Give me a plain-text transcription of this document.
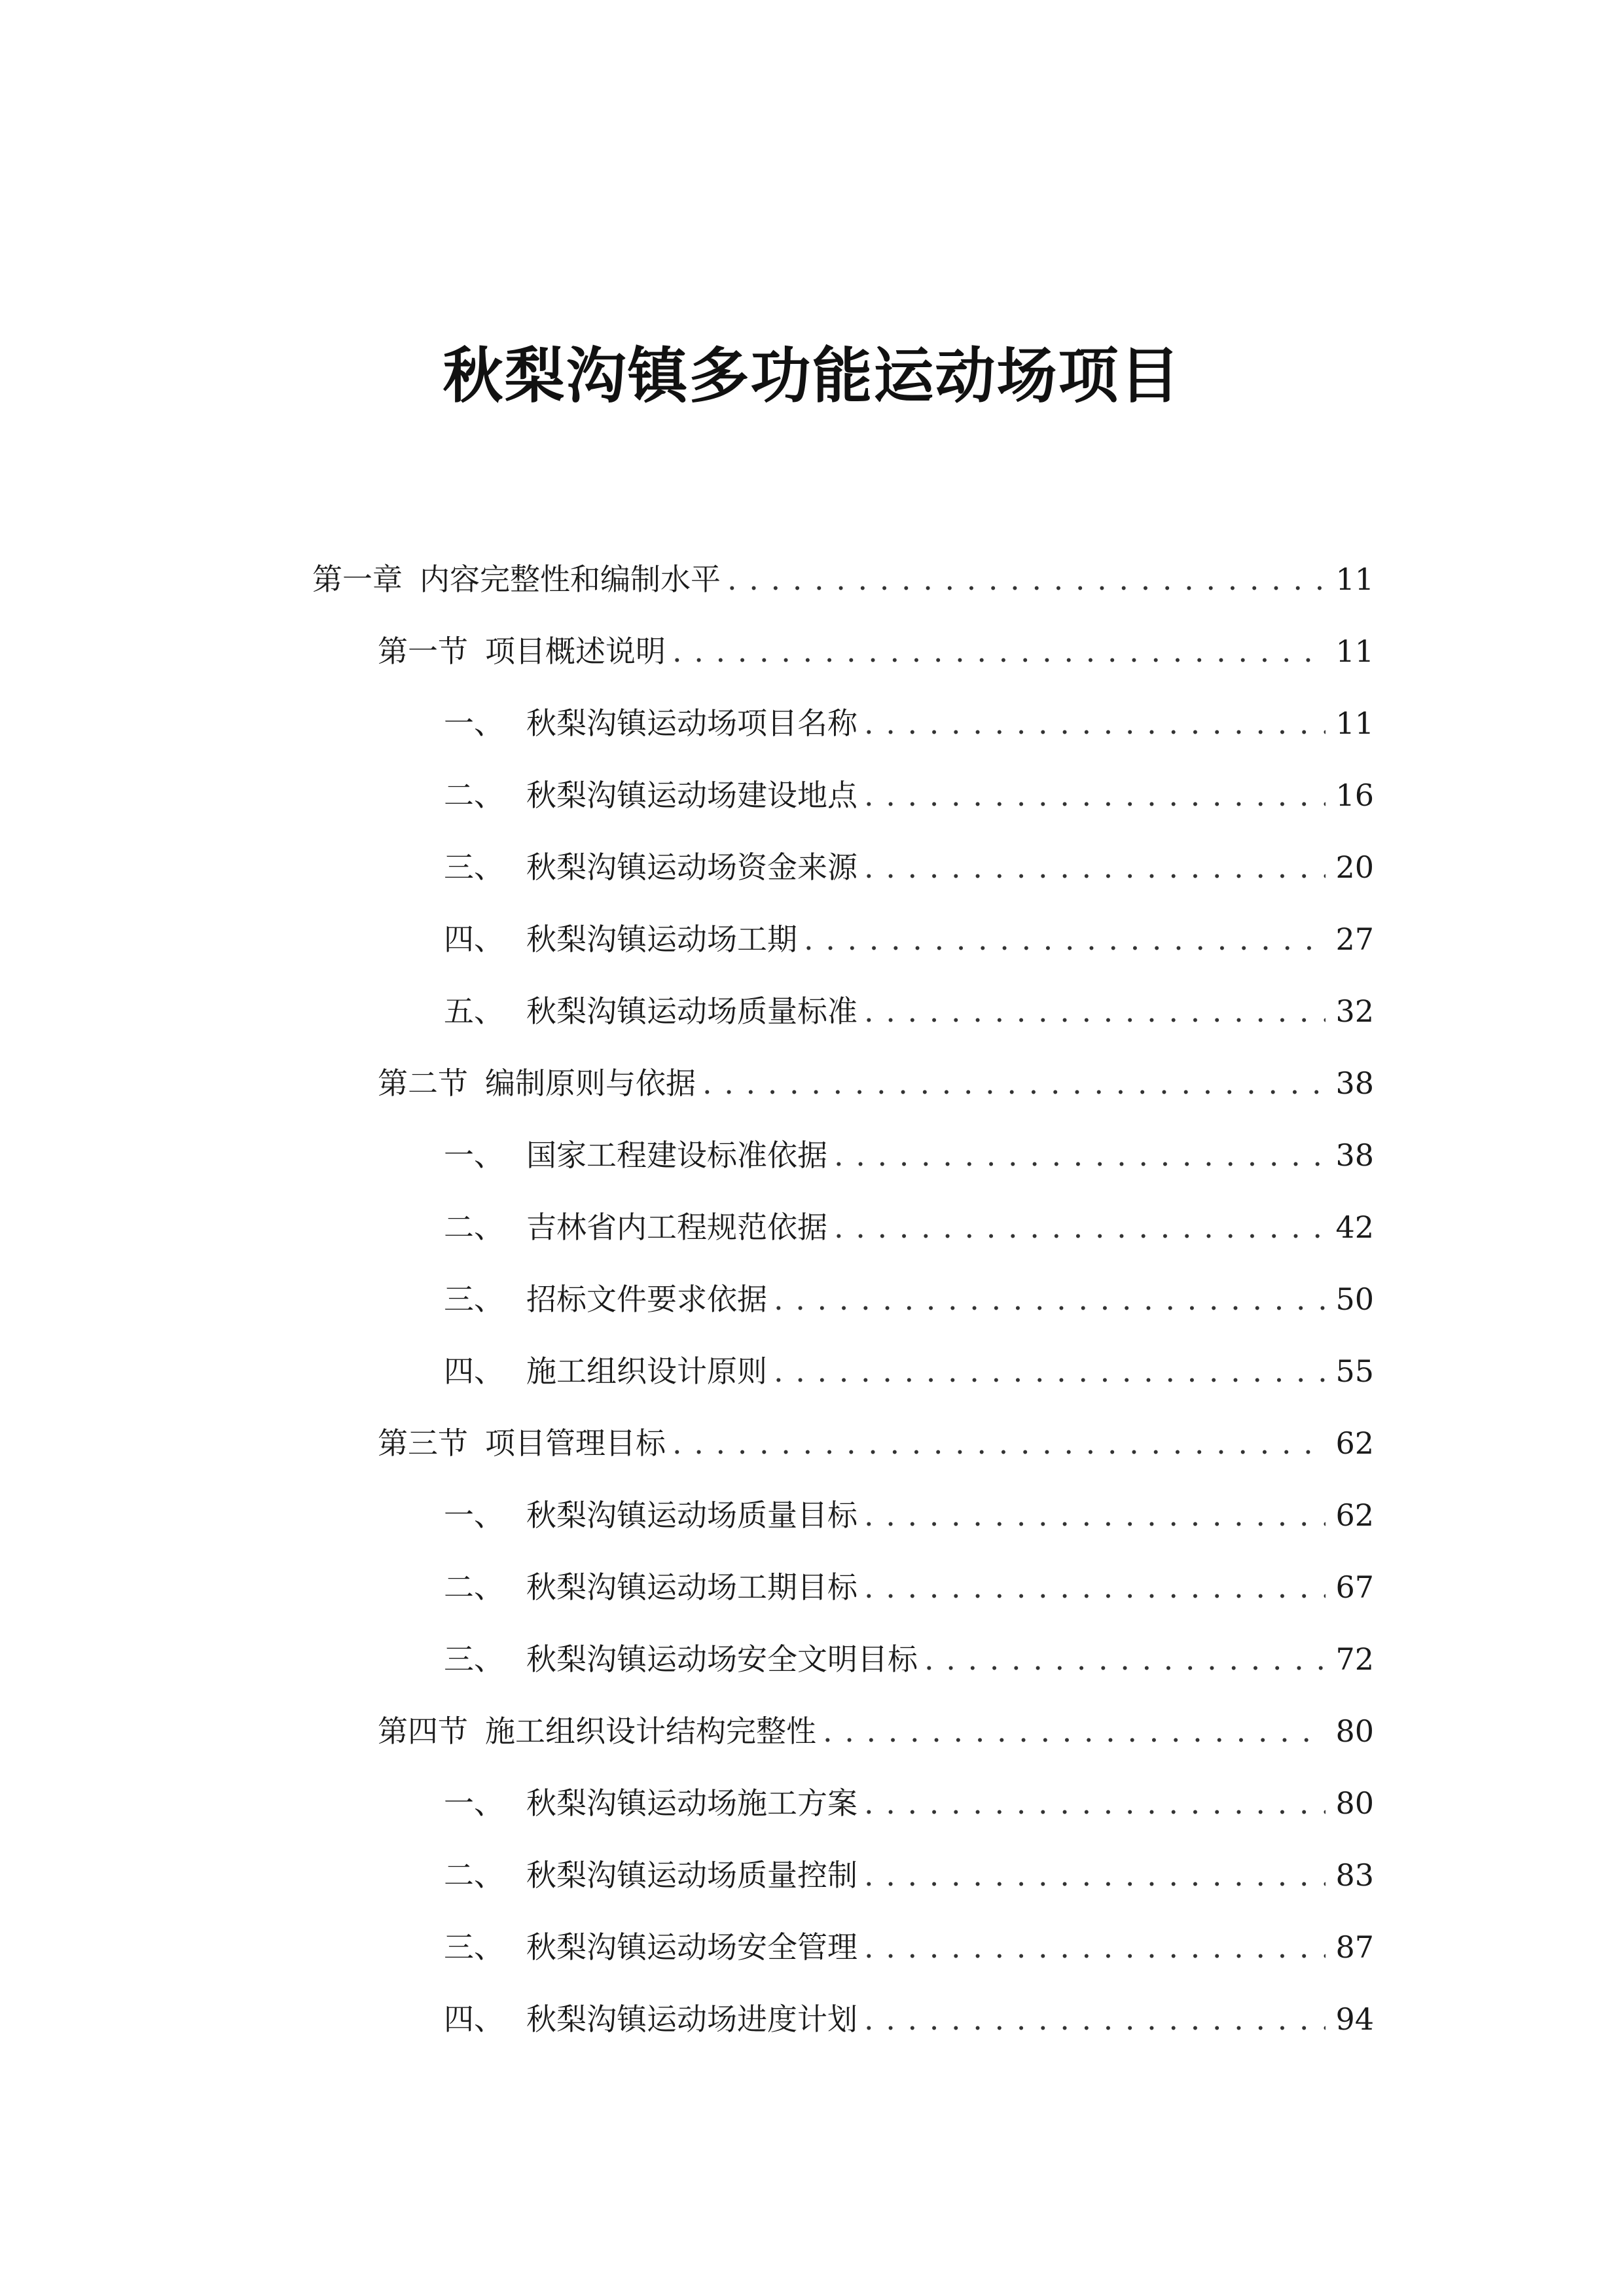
秋梨沟镇多功能运动场项目
第一章 内容完整性和编制水平 . . .	11
第一节 项目概述说明 . . .	11
一、 秋梨沟镇运动场项目名称 . . .	11
二、 秋梨沟镇运动场建设地点 . . .	16
三、 秋梨沟镇运动场资金来源 . . .	20
四、 秋梨沟镇运动场工期 . . .	27
五、 秋梨沟镇运动场质量标准 . . .	32
第二节 编制原则与依据 . . .	38
一、 国家工程建设标准依据 . . .	38
二、 吉林省内工程规范依据 . . .	42
三、 招标文件要求依据 . . .	50
四、 施工组织设计原则 . . .	55
第三节 项目管理目标 . . .	62
一、 秋梨沟镇运动场质量目标 . . .	62
二、 秋梨沟镇运动场工期目标 . . .	67
三、 秋梨沟镇运动场安全文明目标 . . .	72
第四节 施工组织设计结构完整性 . . .	80
一、 秋梨沟镇运动场施工方案 . . .	80
二、 秋梨沟镇运动场质量控制 . . .	83
三、 秋梨沟镇运动场安全管理 . . .	87
四、 秋梨沟镇运动场进度计划 . . .	94
